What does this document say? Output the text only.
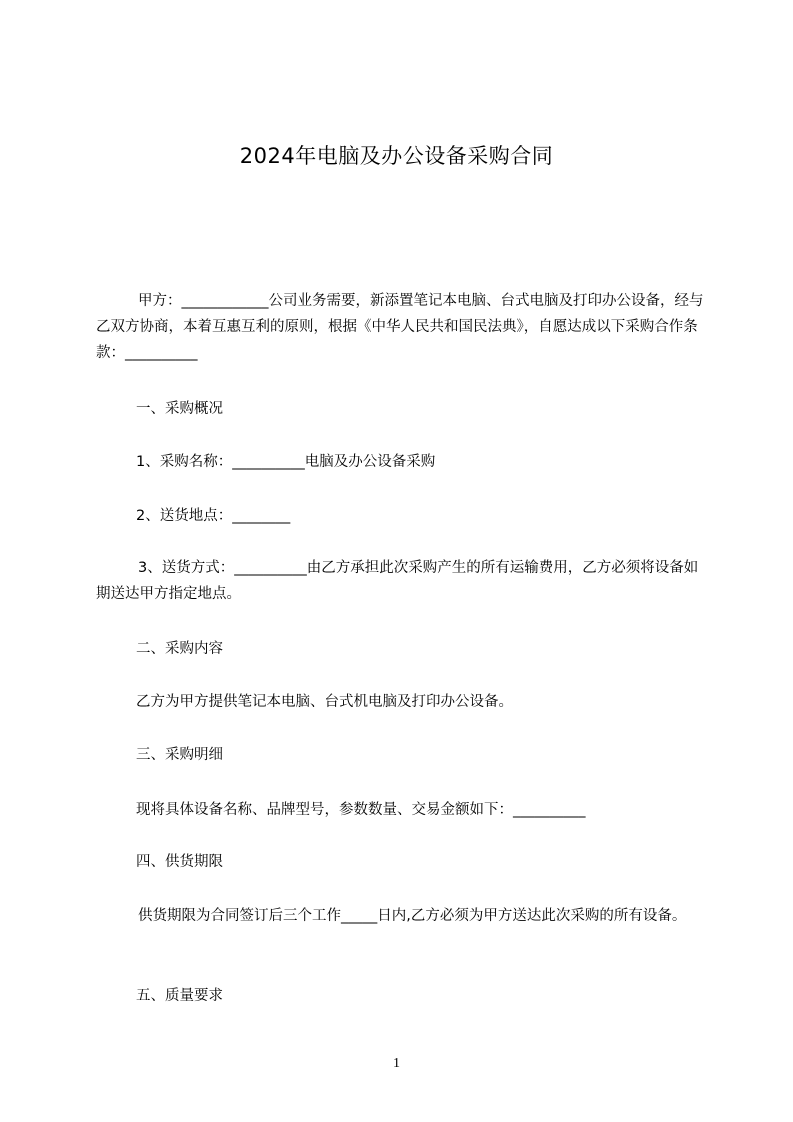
2024年电脑及办公设备采购合同

甲方：____________公司业务需要，新添置笔记本电脑、台式电脑及打印办公设备，经与乙双方协商，本着互惠互利的原则，根据《中华人民共和国民法典》，自愿达成以下采购合作条款：__________

一、采购概况

1、采购名称：__________电脑及办公设备采购

2、送货地点：________

3、送货方式：__________由乙方承担此次采购产生的所有运输费用，乙方必须将设备如期送达甲方指定地点。

二、采购内容

乙方为甲方提供笔记本电脑、台式机电脑及打印办公设备。

三、采购明细

现将具体设备名称、品牌型号，参数数量、交易金额如下：__________

四、供货期限

供货期限为合同签订后三个工作_____日内,乙方必须为甲方送达此次采购的所有设备。

五、质量要求

1
